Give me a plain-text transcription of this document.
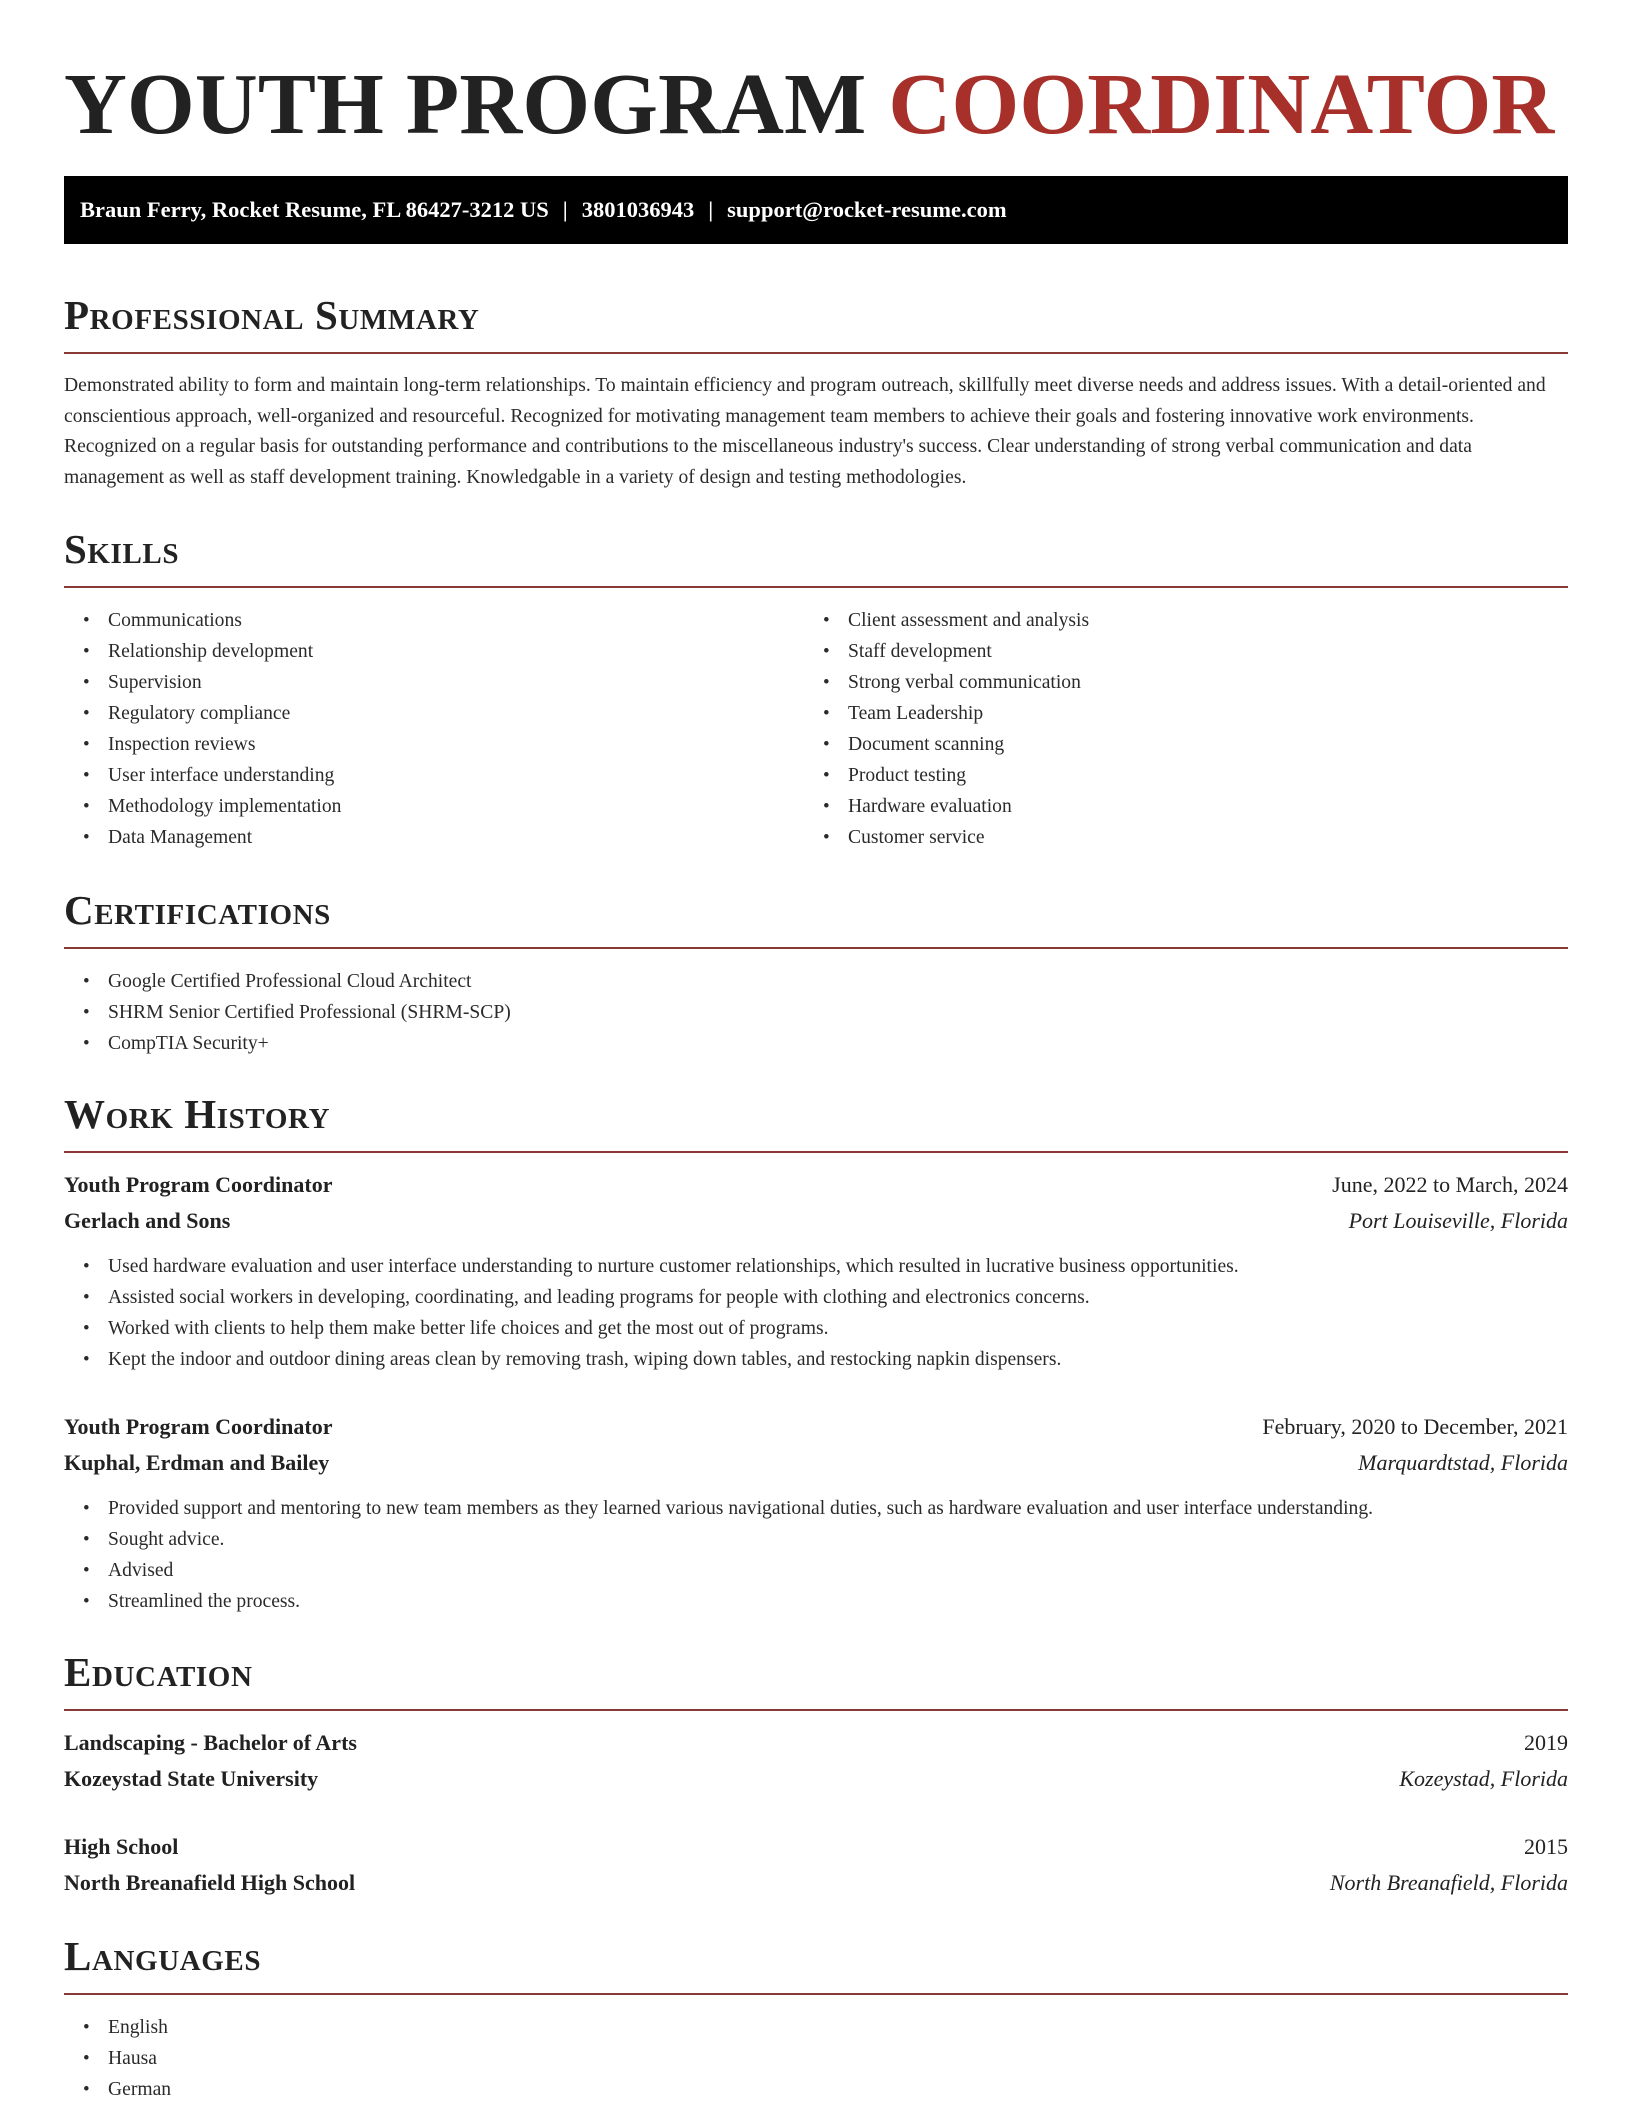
YOUTH PROGRAM COORDINATOR
Braun Ferry, Rocket Resume, FL 86427-3212 US | 3801036943 | support@rocket-resume.com
Professional Summary

Demonstrated ability to form and maintain long-term relationships. To maintain efficiency and program outreach, skillfully meet diverse needs and address issues. With a detail-oriented and conscientious approach, well-organized and resourceful. Recognized for motivating management team members to achieve their goals and fostering innovative work environments. Recognized on a regular basis for outstanding performance and contributions to the miscellaneous industry's success. Clear understanding of strong verbal communication and data management as well as staff development training. Knowledgable in a variety of design and testing methodologies.

Skills
• Communications
• Relationship development
• Supervision
• Regulatory compliance
• Inspection reviews
• User interface understanding
• Methodology implementation
• Data Management
• Client assessment and analysis
• Staff development
• Strong verbal communication
• Team Leadership
• Document scanning
• Product testing
• Hardware evaluation
• Customer service
Certifications
• Google Certified Professional Cloud Architect
• SHRM Senior Certified Professional (SHRM-SCP)
• CompTIA Security+
Work History
Youth Program Coordinator	June, 2022 to March, 2024
Gerlach and Sons	Port Louiseville, Florida
• Used hardware evaluation and user interface understanding to nurture customer relationships, which resulted in lucrative business opportunities.
• Assisted social workers in developing, coordinating, and leading programs for people with clothing and electronics concerns.
• Worked with clients to help them make better life choices and get the most out of programs.
• Kept the indoor and outdoor dining areas clean by removing trash, wiping down tables, and restocking napkin dispensers.
Youth Program Coordinator	February, 2020 to December, 2021
Kuphal, Erdman and Bailey	Marquardtstad, Florida
• Provided support and mentoring to new team members as they learned various navigational duties, such as hardware evaluation and user interface understanding.
• Sought advice.
• Advised
• Streamlined the process.
Education
Landscaping - Bachelor of Arts	2019
Kozeystad State University	Kozeystad, Florida
High School	2015
North Breanafield High School	North Breanafield, Florida
Languages
• English
• Hausa
• German
